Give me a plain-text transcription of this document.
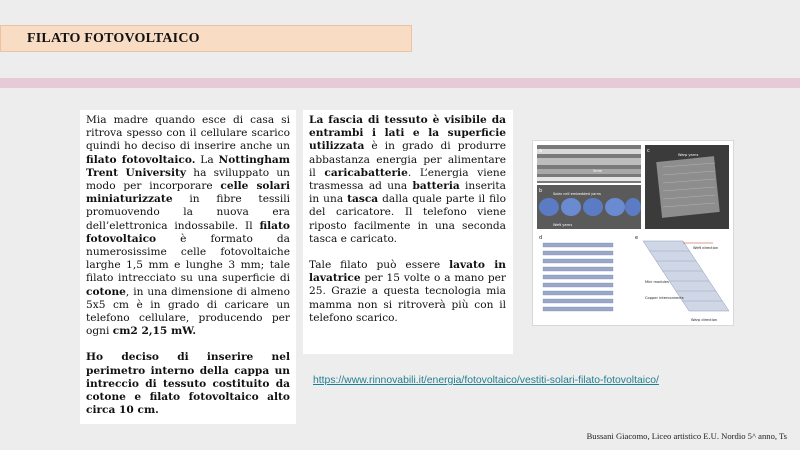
FILATO FOTOVOLTAICO

Mia madre quando esce di casa si ritrova spesso con il cellulare scarico quindi ho deciso di inserire anche un filato fotovoltaico. La Nottingham Trent University ha sviluppato un modo per incorporare celle solari miniaturizzate in fibre tessili promuovendo la nuova era dell’elettronica indossabile. Il filato fotovoltaico è formato da numerosissime celle fotovoltaiche larghe 1,5 mm e lunghe 3 mm; tale filato intrecciato su una superficie di cotone, in una dimensione di almeno 5x5 cm è in grado di caricare un telefono cellulare, producendo per ogni cm2 2,15 mW.

Ho deciso di inserire nel perimetro interno della cappa un intreccio di tessuto costituito da cotone e filato fotovoltaico alto circa 10 cm.

La fascia di tessuto è visibile da entrambi i lati e la superficie utilizzata è in grado di produrre abbastanza energia per alimentare il caricabatterie. L’energia viene trasmessa ad una batteria inserita in una tasca dalla quale parte il filo del caricatore. Il telefono viene riposto facilmente in una seconda tasca e caricato.

Tale filato può essere lavato in lavatrice per 15 volte o a mano per 25. Grazie a questa tecnologia mia mamma non si ritroverà più con il telefono scarico.

a
5mm
b	Solar cell embedded yarns
Weft yarns
c
Warp yarns
d	e
Weft direction
Mini modules
Copper interconnects
Warp direction
https://www.rinnovabili.it/energia/fotovoltaico/vestiti-solari-filato-fotovoltaico/
Bussani Giacomo, Liceo artistico E.U. Nordio 5^ anno, Ts
